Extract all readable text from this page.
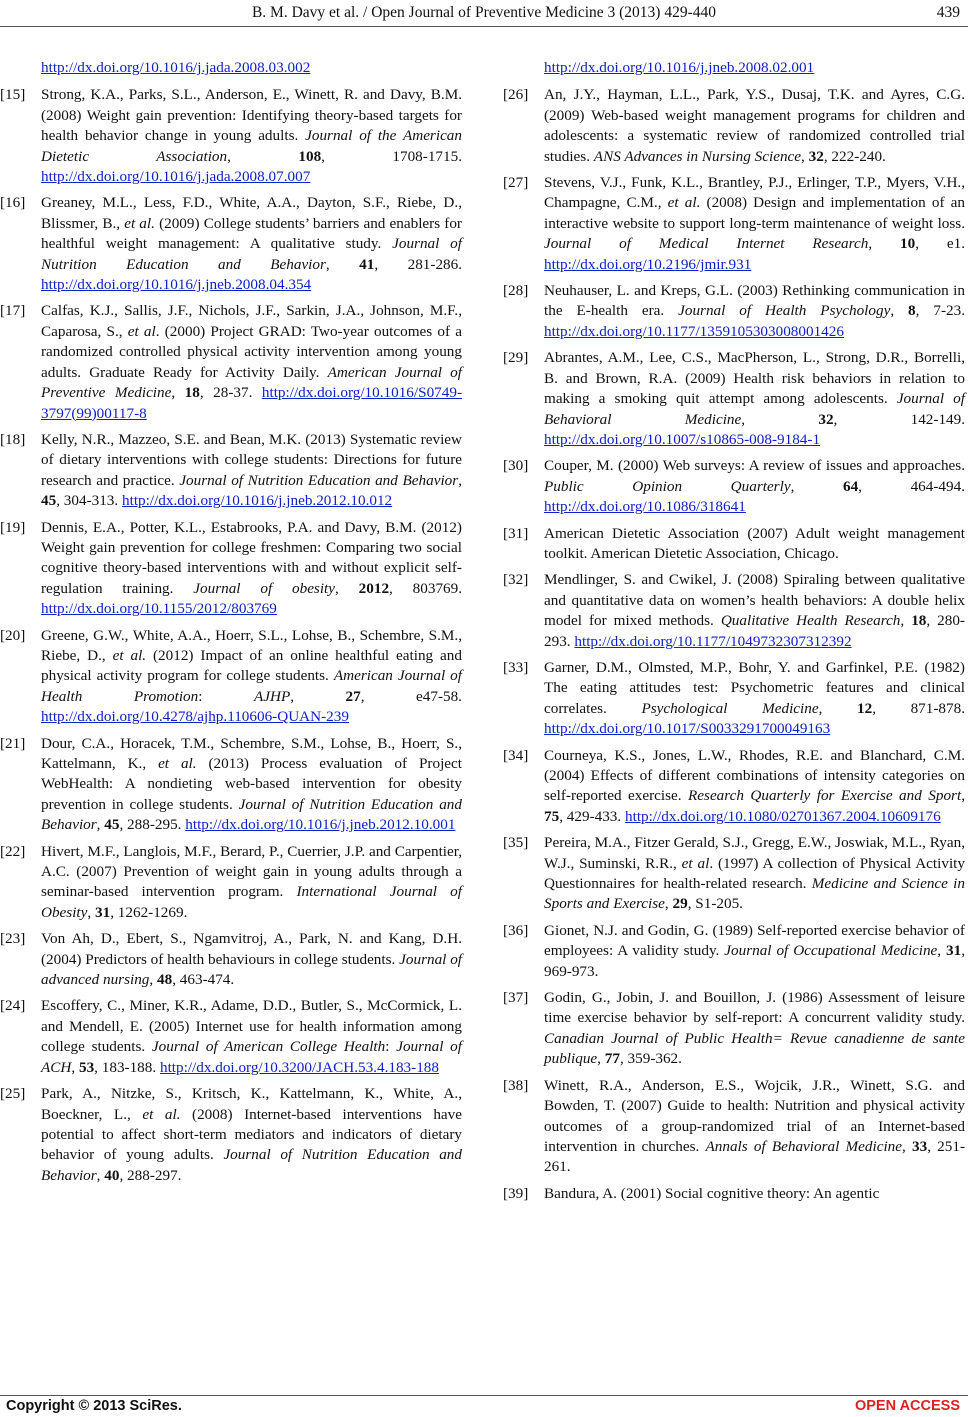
B. M. Davy et al. / Open Journal of Preventive Medicine 3 (2013) 429-440	439
http://dx.doi.org/10.1016/j.jada.2008.03.002
[15]	Strong, K.A., Parks, S.L., Anderson, E., Winett, R. and Davy, B.M. (2008) Weight gain prevention: Identifying theory-based targets for health behavior change in young adults. Journal of the American Dietetic Association, 108, 1708-1715. http://dx.doi.org/10.1016/j.jada.2008.07.007
[16]	Greaney, M.L., Less, F.D., White, A.A., Dayton, S.F., Riebe, D., Blissmer, B., et al. (2009) College students’ barriers and enablers for healthful weight management: A qualitative study. Journal of Nutrition Education and Behavior, 41, 281-286. http://dx.doi.org/10.1016/j.jneb.2008.04.354
[17]	Calfas, K.J., Sallis, J.F., Nichols, J.F., Sarkin, J.A., Johnson, M.F., Caparosa, S., et al. (2000) Project GRAD: Two-year outcomes of a randomized controlled physical activity intervention among young adults. Graduate Ready for Activity Daily. American Journal of Preventive Medicine, 18, 28-37. http://dx.doi.org/10.1016/S0749-3797(99)00117-8
[18]	Kelly, N.R., Mazzeo, S.E. and Bean, M.K. (2013) Systematic review of dietary interventions with college students: Directions for future research and practice. Journal of Nutrition Education and Behavior, 45, 304-313. http://dx.doi.org/10.1016/j.jneb.2012.10.012
[19]	Dennis, E.A., Potter, K.L., Estabrooks, P.A. and Davy, B.M. (2012) Weight gain prevention for college freshmen: Comparing two social cognitive theory-based interventions with and without explicit self-regulation training. Journal of obesity, 2012, 803769. http://dx.doi.org/10.1155/2012/803769
[20]	Greene, G.W., White, A.A., Hoerr, S.L., Lohse, B., Schembre, S.M., Riebe, D., et al. (2012) Impact of an online healthful eating and physical activity program for college students. American Journal of Health Promotion: AJHP, 27, e47-58. http://dx.doi.org/10.4278/ajhp.110606-QUAN-239
[21]	Dour, C.A., Horacek, T.M., Schembre, S.M., Lohse, B., Hoerr, S., Kattelmann, K., et al. (2013) Process evaluation of Project WebHealth: A nondieting web-based intervention for obesity prevention in college students. Journal of Nutrition Education and Behavior, 45, 288-295. http://dx.doi.org/10.1016/j.jneb.2012.10.001
[22]	Hivert, M.F., Langlois, M.F., Berard, P., Cuerrier, J.P. and Carpentier, A.C. (2007) Prevention of weight gain in young adults through a seminar-based intervention program. International Journal of Obesity, 31, 1262-1269.
[23]	Von Ah, D., Ebert, S., Ngamvitroj, A., Park, N. and Kang, D.H. (2004) Predictors of health behaviours in college students. Journal of advanced nursing, 48, 463-474.
[24]	Escoffery, C., Miner, K.R., Adame, D.D., Butler, S., McCormick, L. and Mendell, E. (2005) Internet use for health information among college students. Journal of American College Health: Journal of ACH, 53, 183-188. http://dx.doi.org/10.3200/JACH.53.4.183-188
[25]	Park, A., Nitzke, S., Kritsch, K., Kattelmann, K., White, A., Boeckner, L., et al. (2008) Internet-based interventions have potential to affect short-term mediators and indicators of dietary behavior of young adults. Journal of Nutrition Education and Behavior, 40, 288-297.
http://dx.doi.org/10.1016/j.jneb.2008.02.001
[26]	An, J.Y., Hayman, L.L., Park, Y.S., Dusaj, T.K. and Ayres, C.G. (2009) Web-based weight management programs for children and adolescents: a systematic review of randomized controlled trial studies. ANS Advances in Nursing Science, 32, 222-240.
[27]	Stevens, V.J., Funk, K.L., Brantley, P.J., Erlinger, T.P., Myers, V.H., Champagne, C.M., et al. (2008) Design and implementation of an interactive website to support long-term maintenance of weight loss. Journal of Medical Internet Research, 10, e1. http://dx.doi.org/10.2196/jmir.931
[28]	Neuhauser, L. and Kreps, G.L. (2003) Rethinking communication in the E-health era. Journal of Health Psychology, 8, 7-23. http://dx.doi.org/10.1177/1359105303008001426
[29]	Abrantes, A.M., Lee, C.S., MacPherson, L., Strong, D.R., Borrelli, B. and Brown, R.A. (2009) Health risk behaviors in relation to making a smoking quit attempt among adolescents. Journal of Behavioral Medicine, 32, 142-149. http://dx.doi.org/10.1007/s10865-008-9184-1
[30]	Couper, M. (2000) Web surveys: A review of issues and approaches. Public Opinion Quarterly, 64, 464-494. http://dx.doi.org/10.1086/318641
[31]	American Dietetic Association (2007) Adult weight management toolkit. American Dietetic Association, Chicago.
[32]	Mendlinger, S. and Cwikel, J. (2008) Spiraling between qualitative and quantitative data on women’s health behaviors: A double helix model for mixed methods. Qualitative Health Research, 18, 280-293. http://dx.doi.org/10.1177/1049732307312392
[33]	Garner, D.M., Olmsted, M.P., Bohr, Y. and Garfinkel, P.E. (1982) The eating attitudes test: Psychometric features and clinical correlates. Psychological Medicine, 12, 871-878. http://dx.doi.org/10.1017/S0033291700049163
[34]	Courneya, K.S., Jones, L.W., Rhodes, R.E. and Blanchard, C.M. (2004) Effects of different combinations of intensity categories on self-reported exercise. Research Quarterly for Exercise and Sport, 75, 429-433. http://dx.doi.org/10.1080/02701367.2004.10609176
[35]	Pereira, M.A., Fitzer Gerald, S.J., Gregg, E.W., Joswiak, M.L., Ryan, W.J., Suminski, R.R., et al. (1997) A collection of Physical Activity Questionnaires for health-related research. Medicine and Science in Sports and Exercise, 29, S1-205.
[36]	Gionet, N.J. and Godin, G. (1989) Self-reported exercise behavior of employees: A validity study. Journal of Occupational Medicine, 31, 969-973.
[37]	Godin, G., Jobin, J. and Bouillon, J. (1986) Assessment of leisure time exercise behavior by self-report: A concurrent validity study. Canadian Journal of Public Health= Revue canadienne de sante publique, 77, 359-362.
[38]	Winett, R.A., Anderson, E.S., Wojcik, J.R., Winett, S.G. and Bowden, T. (2007) Guide to health: Nutrition and physical activity outcomes of a group-randomized trial of an Internet-based intervention in churches. Annals of Behavioral Medicine, 33, 251-261.
[39]	Bandura, A. (2001) Social cognitive theory: An agentic
Copyright © 2013 SciRes.	OPEN ACCESS
